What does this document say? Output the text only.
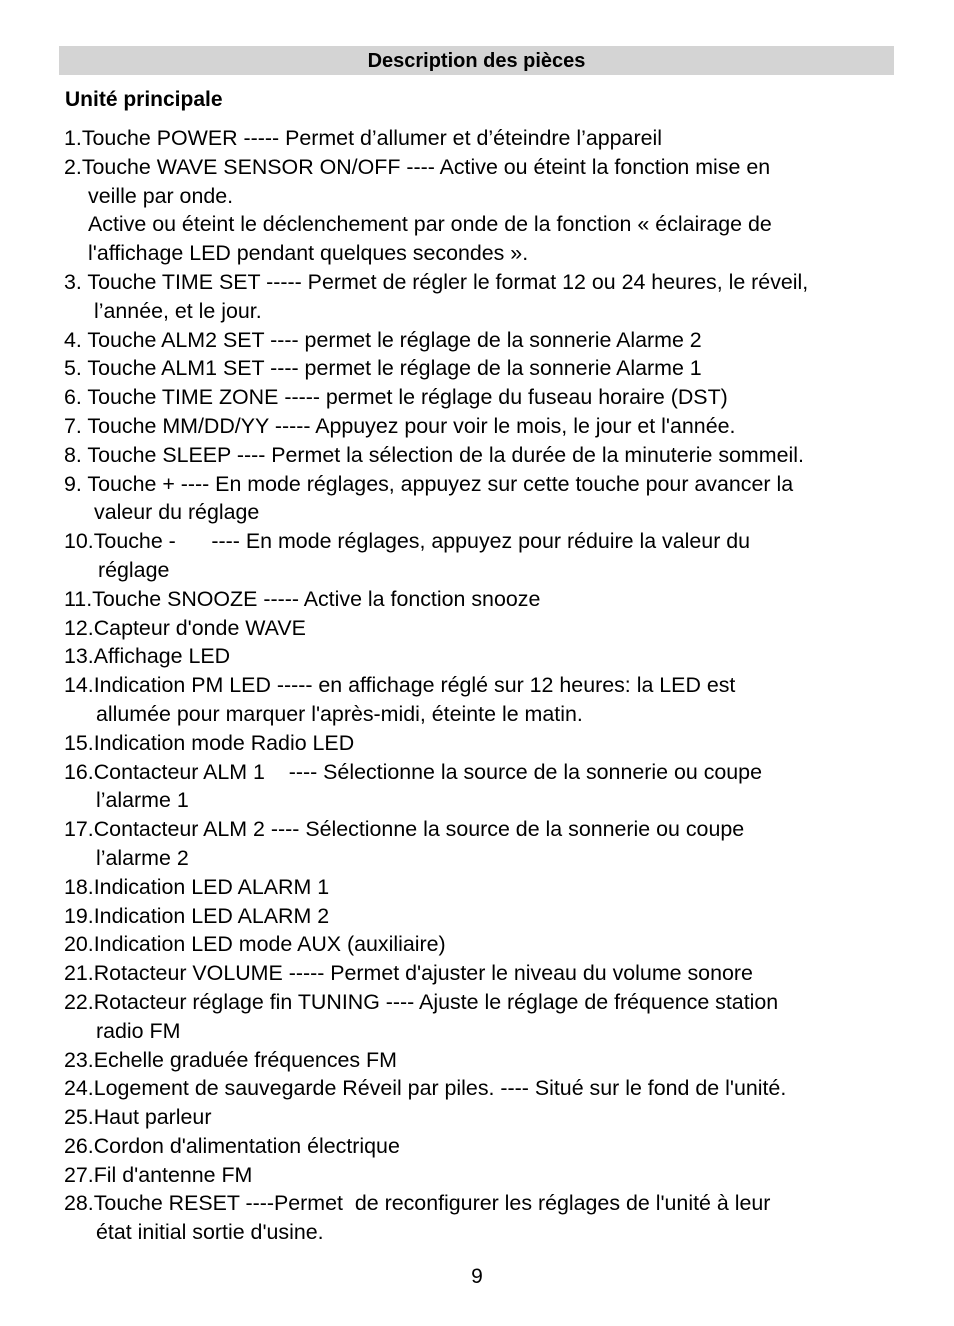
Description des pièces
Unité principale
1.Touche POWER ----- Permet d’allumer et d’éteindre l’appareil
2.Touche WAVE SENSOR ON/OFF ---- Active ou éteint la fonction mise en
veille par onde.
Active ou éteint le déclenchement par onde de la fonction « éclairage de
l'affichage LED pendant quelques secondes ».
3. Touche TIME SET ----- Permet de régler le format 12 ou 24 heures, le réveil,
l’année, et le jour.
4. Touche ALM2 SET ---- permet le réglage de la sonnerie Alarme 2
5. Touche ALM1 SET ---- permet le réglage de la sonnerie Alarme 1
6. Touche TIME ZONE ----- permet le réglage du fuseau horaire (DST)
7. Touche MM/DD/YY ----- Appuyez pour voir le mois, le jour et l'année.
8. Touche SLEEP ---- Permet la sélection de la durée de la minuterie sommeil.
9. Touche + ---- En mode réglages, appuyez sur cette touche pour avancer la
valeur du réglage
10.Touche -      ---- En mode réglages, appuyez pour réduire la valeur du
réglage
11.Touche SNOOZE ----- Active la fonction snooze
12.Capteur d'onde WAVE
13.Affichage LED
14.Indication PM LED ----- en affichage réglé sur 12 heures: la LED est
allumée pour marquer l'après-midi, éteinte le matin.
15.Indication mode Radio LED
16.Contacteur ALM 1    ---- Sélectionne la source de la sonnerie ou coupe
l’alarme 1
17.Contacteur ALM 2 ---- Sélectionne la source de la sonnerie ou coupe
l’alarme 2
18.Indication LED ALARM 1
19.Indication LED ALARM 2
20.Indication LED mode AUX (auxiliaire)
21.Rotacteur VOLUME ----- Permet d'ajuster le niveau du volume sonore
22.Rotacteur réglage fin TUNING ---- Ajuste le réglage de fréquence station
radio FM
23.Echelle graduée fréquences FM
24.Logement de sauvegarde Réveil par piles. ---- Situé sur le fond de l'unité.
25.Haut parleur
26.Cordon d'alimentation électrique
27.Fil d'antenne FM
28.Touche RESET ----Permet  de reconfigurer les réglages de l'unité à leur
état initial sortie d'usine.
9
